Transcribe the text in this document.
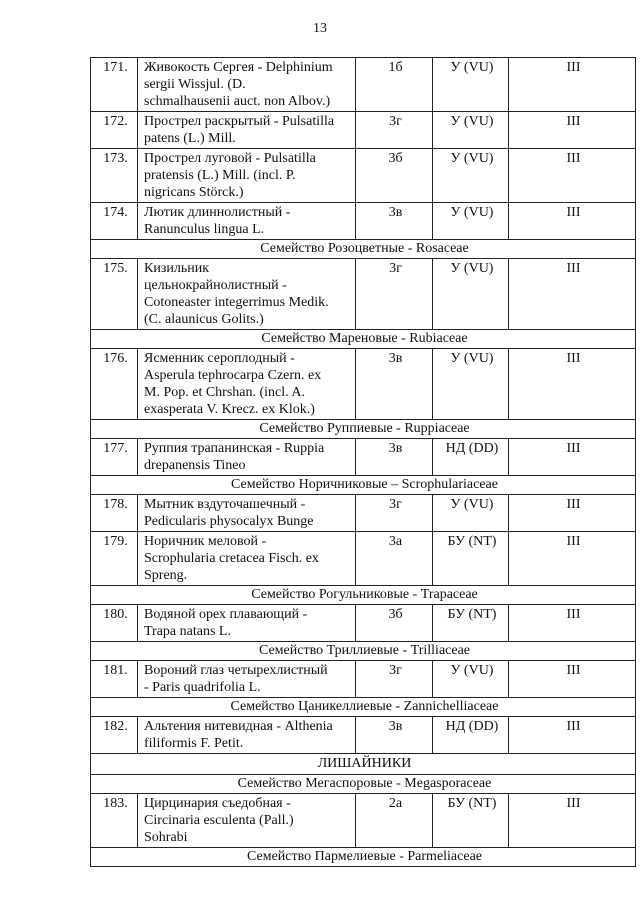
13
171.	Живокость Сергея - Delphinium
sergii Wissjul. (D.
schmalhausenii auct. non Albov.)	1б	У (VU)	III
172.	Прострел раскрытый - Pulsatilla
patens (L.) Mill.	3г	У (VU)	III
173.	Прострел луговой - Pulsatilla
pratensis (L.) Mill. (incl. P.
nigricans Störck.)	3б	У (VU)	III
174.	Лютик длиннолистный -
Ranunculus lingua L.	3в	У (VU)	III
Семейство Розоцветные - Rosaceae				
175.	Кизильник
цельнокрайнолистный -
Cotoneaster integerrimus Medik.
(C. alaunicus Golits.)	3г	У (VU)	III
Семейство Мареновые - Rubiaceae				
176.	Ясменник сероплодный -
Asperula tephrocarpa Czern. ex
M. Pop. et Chrshan. (incl. A.
exasperata V. Krecz. ex Klok.)	3в	У (VU)	III
Семейство Руппиевые - Ruppiaceae				
177.	Руппия трапанинская - Ruppia
drepanensis Tineo	3в	НД (DD)	III
Семейство Норичниковые – Scrophulariaceae				
178.	Мытник вздуточашечный -
Pedicularis physocalyx Bunge	3г	У (VU)	III
179.	Норичник меловой -
Scrophularia cretacea Fisch. ex
Spreng.	3а	БУ (NT)	III
Семейство Рогульниковые - Trapaceae				
180.	Водяной орех плавающий -
Trapa natans L.	3б	БУ (NT)	III
Семейство Триллиевые - Trilliaceae				
181.	Вороний глаз четырехлистный
- Paris quadrifolia L.	3г	У (VU)	III
Семейство Цаникеллиевые - Zannichelliaceae				
182.	Альтения нитевидная - Althenia
filiformis F. Petit.	3в	НД (DD)	III
ЛИШАЙНИКИ				
Семейство Мегаспоровые - Megasporaceae				
183.	Цирцинария съедобная -
Circinaria esculenta (Pall.)
Sohrabi	2а	БУ (NT)	III
Семейство Пармелиевые - Parmeliaceae				
